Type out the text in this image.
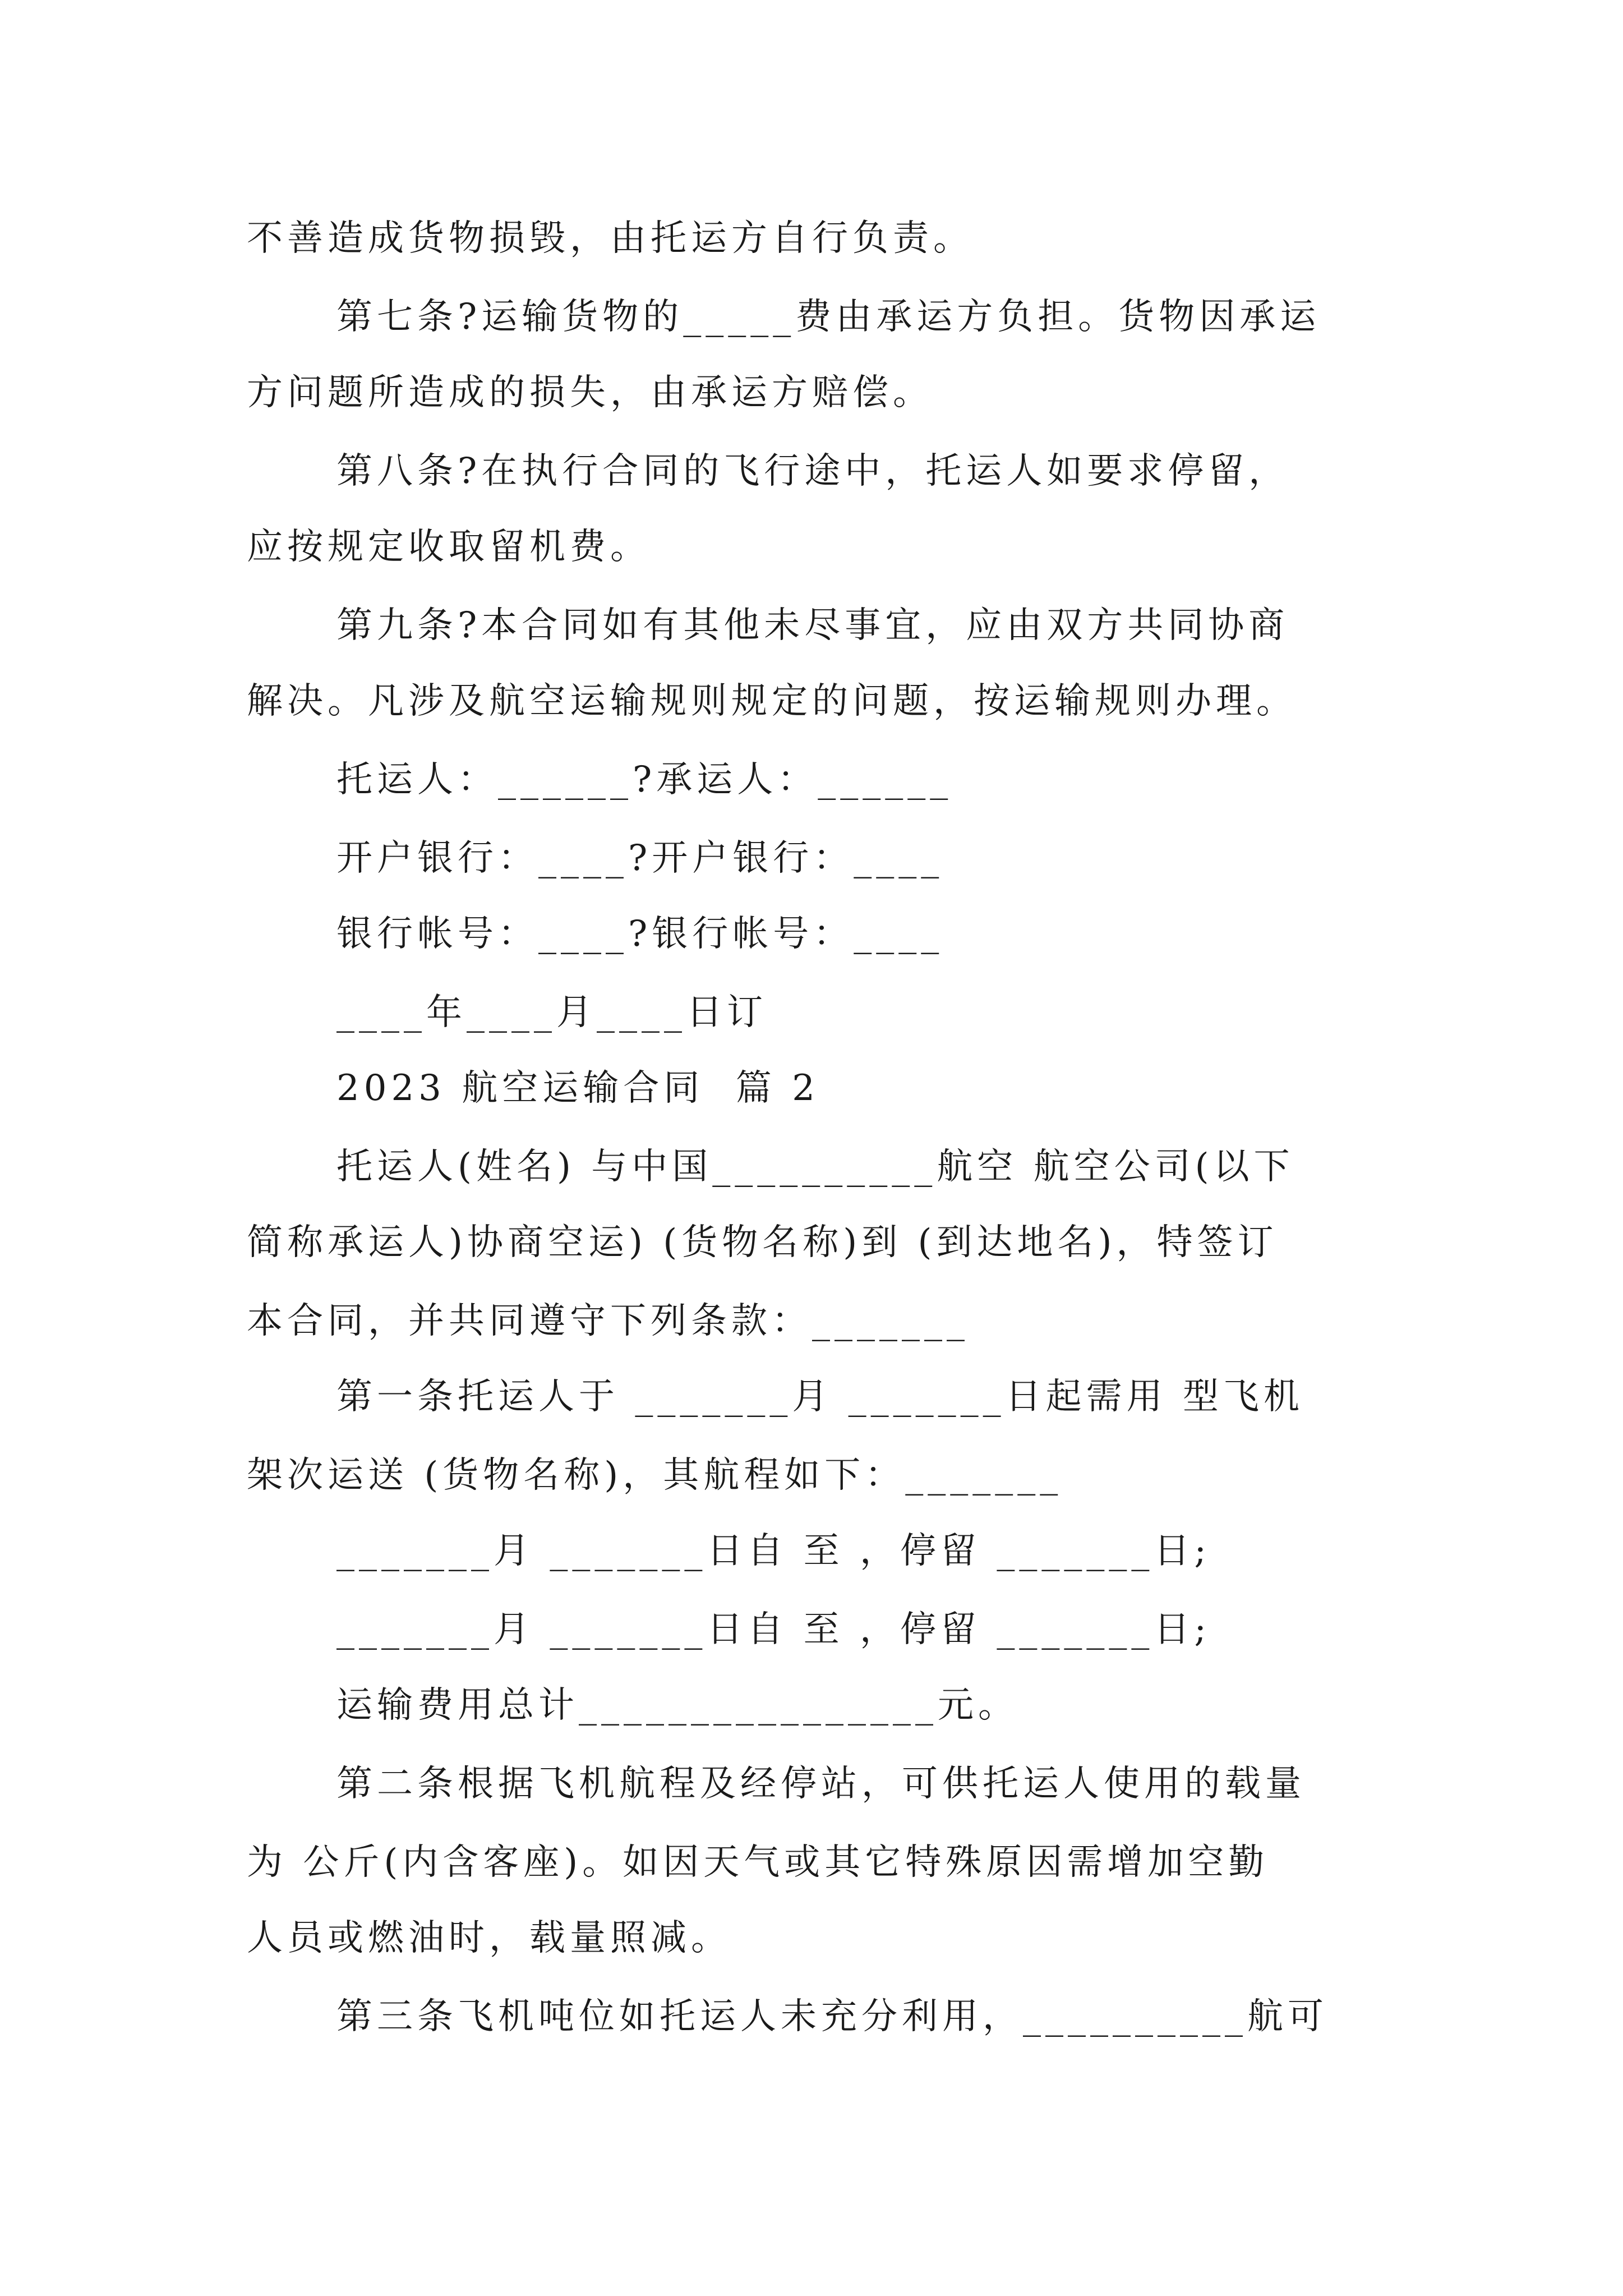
不善造成货物损毁，由托运方自行负责。
第七条?运输货物的_____费由承运方负担。货物因承运
方问题所造成的损失，由承运方赔偿。
第八条?在执行合同的飞行途中，托运人如要求停留，
应按规定收取留机费。
第九条?本合同如有其他未尽事宜，应由双方共同协商
解决。凡涉及航空运输规则规定的问题，按运输规则办理。
托运人：______?承运人：______
开户银行：____?开户银行：____
银行帐号：____?银行帐号：____
____年____月____日订
2023 航空运输合同  篇 2
托运人(姓名) 与中国__________航空 航空公司(以下
简称承运人)协商空运) (货物名称)到 (到达地名)，特签订
本合同，并共同遵守下列条款：_______
第一条托运人于 _______月 _______日起需用 型飞机
架次运送 (货物名称)，其航程如下：_______
_______月 _______日自 至 ，停留 _______日;
_______月 _______日自 至 ，停留 _______日;
运输费用总计________________元。
第二条根据飞机航程及经停站，可供托运人使用的载量
为 公斤(内含客座)。如因天气或其它特殊原因需增加空勤
人员或燃油时，载量照减。
第三条飞机吨位如托运人未充分利用，__________航可
